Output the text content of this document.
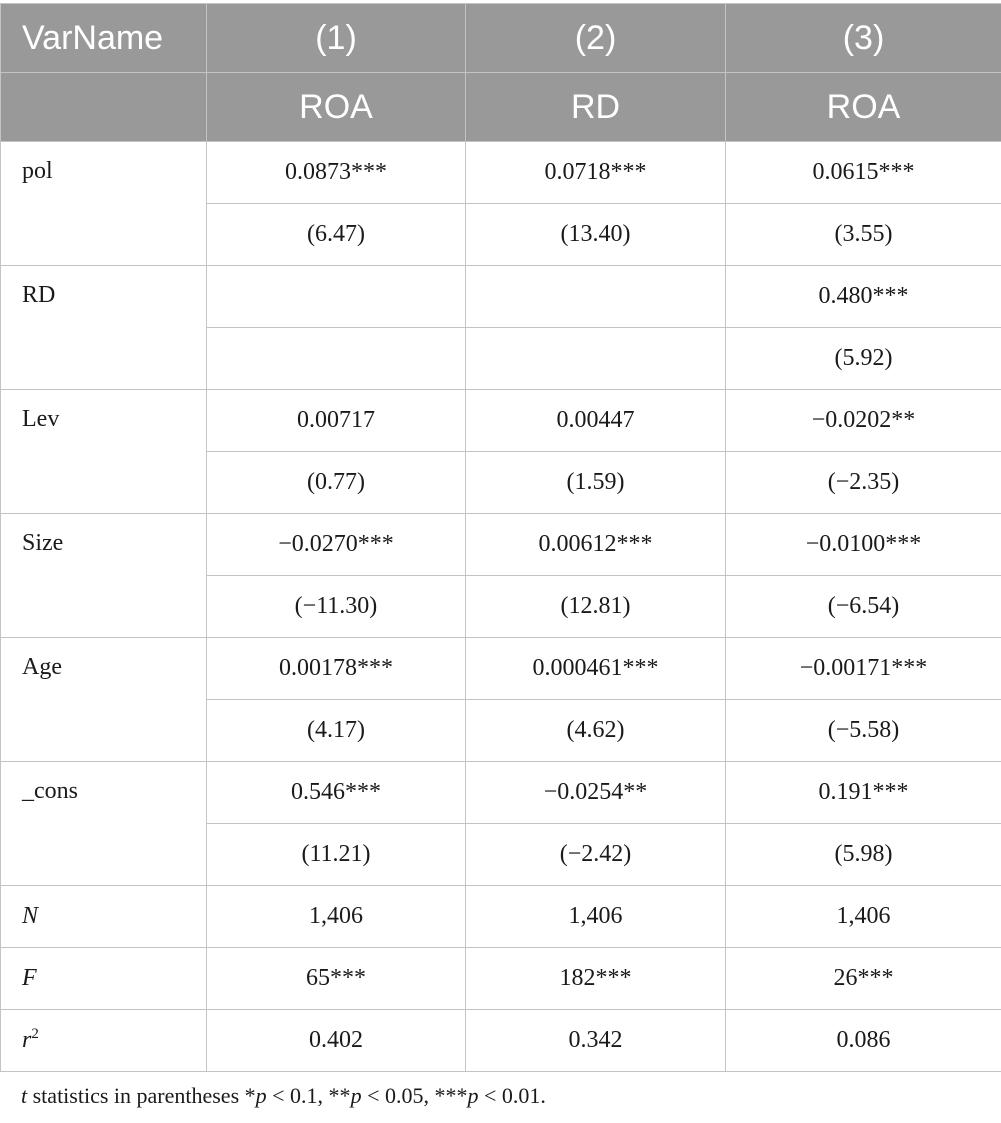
VarName	(1)	(2)	(3)
	ROA	RD	ROA
pol	0.0873***	0.0718***	0.0615***
	(6.47)	(13.40)	(3.55)
RD			0.480***
			(5.92)
Lev	0.00717	0.00447	−0.0202**
	(0.77)	(1.59)	(−2.35)
Size	−0.0270***	0.00612***	−0.0100***
	(−11.30)	(12.81)	(−6.54)
Age	0.00178***	0.000461***	−0.00171***
	(4.17)	(4.62)	(−5.58)
_cons	0.546***	−0.0254**	0.191***
	(11.21)	(−2.42)	(5.98)
N	1,406	1,406	1,406
F	65***	182***	26***
$r^2$	0.402	0.342	0.086
t statistics in parentheses *p < 0.1, **p < 0.05, ***p < 0.01.
